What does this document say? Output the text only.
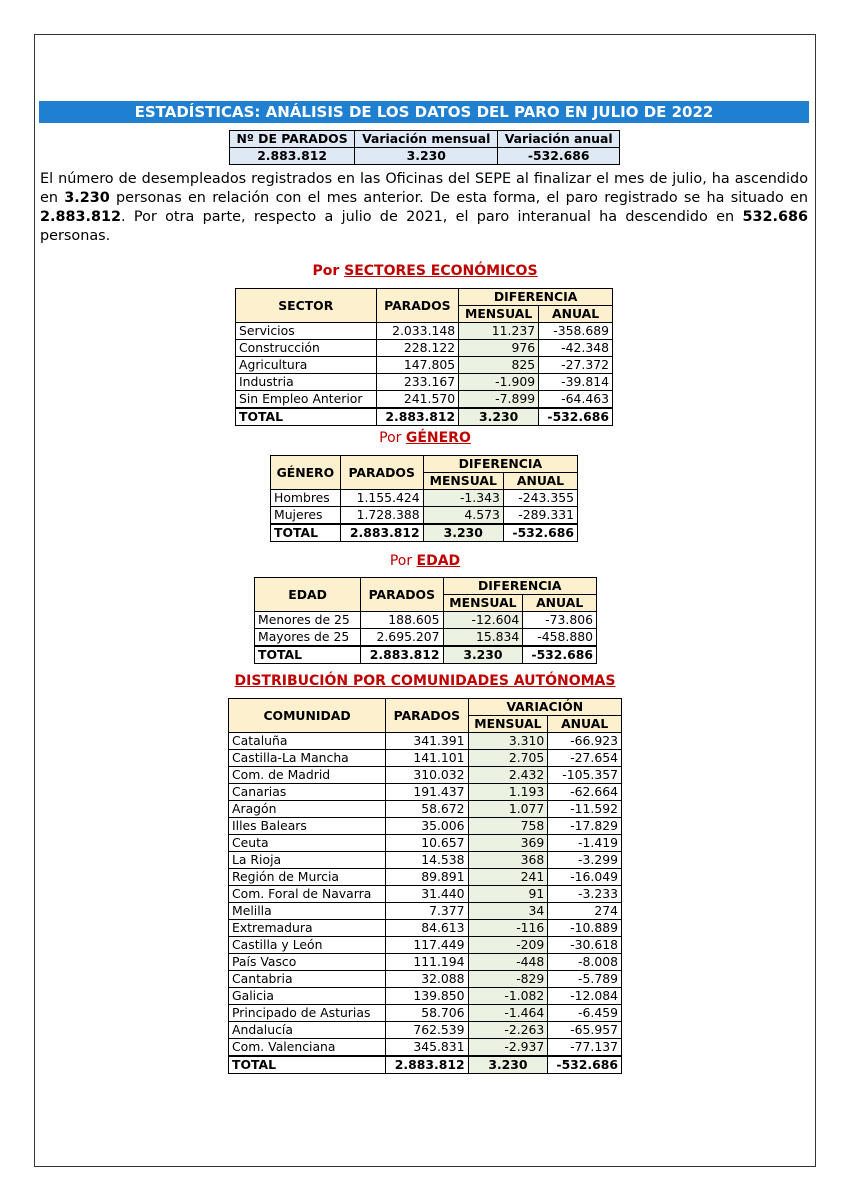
ESTADÍSTICAS: ANÁLISIS DE LOS DATOS DEL PARO EN JULIO DE 2022
Nº DE PARADOS	Variación mensual	Variación anual
2.883.812	3.230	-532.686
El número de desempleados registrados en las Oficinas del SEPE al finalizar el mes de julio, ha ascendido en 3.230 personas en relación con el mes anterior. De esta forma, el paro registrado se ha situado en 2.883.812. Por otra parte, respecto a julio de 2021, el paro interanual ha descendido en 532.686 personas.
Por SECTORES ECONÓMICOS
SECTOR	PARADOS	DIFERENCIA	
		MENSUAL	ANUAL
Servicios	2.033.148	11.237	-358.689
Construcción	228.122	976	-42.348
Agricultura	147.805	825	-27.372
Industria	233.167	-1.909	-39.814
Sin Empleo Anterior	241.570	-7.899	-64.463
TOTAL	2.883.812	3.230	-532.686
Por GÉNERO
GÉNERO	PARADOS	DIFERENCIA	
		MENSUAL	ANUAL
Hombres	1.155.424	-1.343	-243.355
Mujeres	1.728.388	4.573	-289.331
TOTAL	2.883.812	3.230	-532.686
Por EDAD
EDAD	PARADOS	DIFERENCIA	
		MENSUAL	ANUAL
Menores de 25	188.605	-12.604	-73.806
Mayores de 25	2.695.207	15.834	-458.880
TOTAL	2.883.812	3.230	-532.686
DISTRIBUCIÓN POR COMUNIDADES AUTÓNOMAS
COMUNIDAD	PARADOS	VARIACIÓN	
		MENSUAL	ANUAL
Cataluña	341.391	3.310	-66.923
Castilla-La Mancha	141.101	2.705	-27.654
Com. de Madrid	310.032	2.432	-105.357
Canarias	191.437	1.193	-62.664
Aragón	58.672	1.077	-11.592
Illes Balears	35.006	758	-17.829
Ceuta	10.657	369	-1.419
La Rioja	14.538	368	-3.299
Región de Murcia	89.891	241	-16.049
Com. Foral de Navarra	31.440	91	-3.233
Melilla	7.377	34	274
Extremadura	84.613	-116	-10.889
Castilla y León	117.449	-209	-30.618
País Vasco	111.194	-448	-8.008
Cantabria	32.088	-829	-5.789
Galicia	139.850	-1.082	-12.084
Principado de Asturias	58.706	-1.464	-6.459
Andalucía	762.539	-2.263	-65.957
Com. Valenciana	345.831	-2.937	-77.137
TOTAL	2.883.812	3.230	-532.686
